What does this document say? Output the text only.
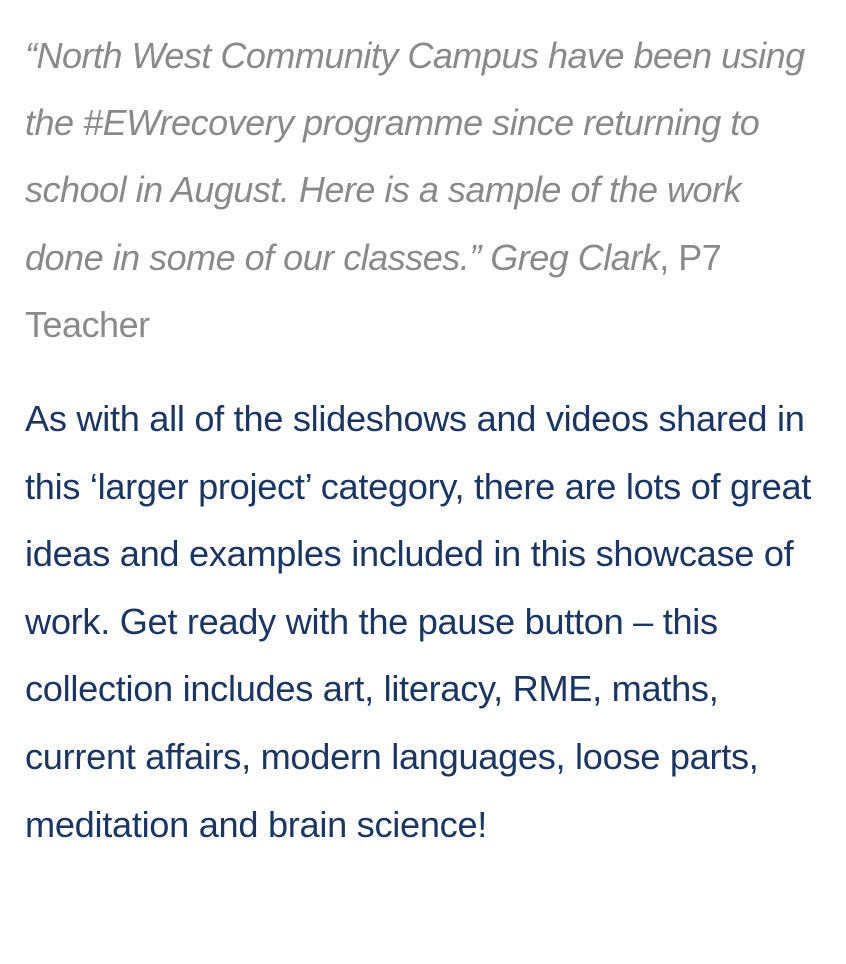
“North West Community Campus have been using the #EWrecovery programme since returning to school in August. Here is a sample of the work done in some of our classes.” Greg Clark, P7 Teacher

As with all of the slideshows and videos shared in this ‘larger project’ category, there are lots of great ideas and examples included in this showcase of work. Get ready with the pause button – this collection includes art, literacy, RME, maths, current affairs, modern languages, loose parts, meditation and brain science!
